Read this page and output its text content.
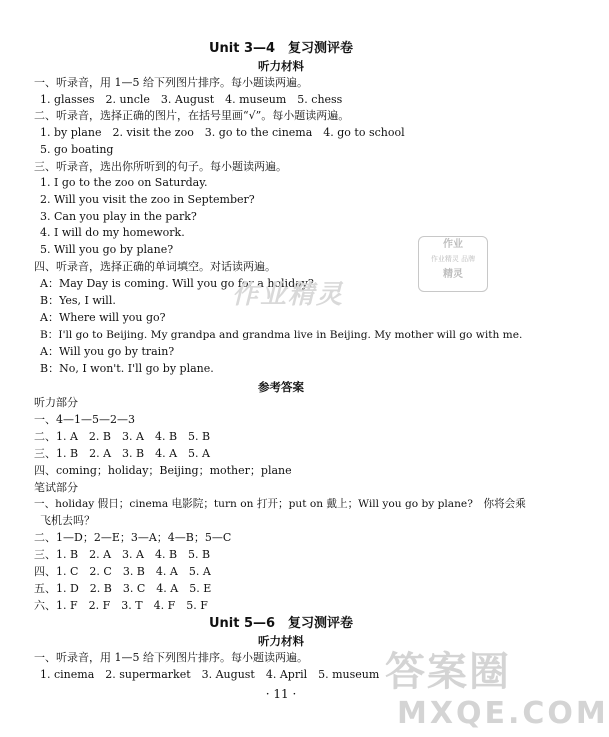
Unit 3—4　复习测评卷
听力材料
一、听录音，用 1—5 给下列图片排序。每小题读两遍。
1. glasses　2. uncle　3. August　4. museum　5. chess
二、听录音，选择正确的图片，在括号里画“√”。每小题读两遍。
1. by plane　2. visit the zoo　3. go to the cinema　4. go to school
5. go boating
三、听录音，选出你所听到的句子。每小题读两遍。
1. I go to the zoo on Saturday.
2. Will you visit the zoo in September?
3. Can you play in the park?
4. I will do my homework.
5. Will you go by plane?
四、听录音，选择正确的单词填空。对话读两遍。
A：May Day is coming. Will you go for a holiday?
B：Yes, I will.
A：Where will you go?
B：I'll go to Beijing. My grandpa and grandma live in Beijing. My mother will go with me.
A：Will you go by train?
B：No, I won't. I'll go by plane.
参考答案
听力部分
一、4—1—5—2—3
二、1. A　2. B　3. A　4. B　5. B
三、1. B　2. A　3. B　4. A　5. A
四、coming；holiday；Beijing；mother；plane
笔试部分
一、holiday 假日；cinema 电影院；turn on 打开；put on 戴上；Will you go by plane?　你将会乘
飞机去吗？
二、1—D；2—E；3—A；4—B；5—C
三、1. B　2. A　3. A　4. B　5. B
四、1. C　2. C　3. B　4. A　5. A
五、1. D　2. B　3. C　4. A　5. E
六、1. F　2. F　3. T　4. F　5. F
Unit 5—6　复习测评卷
听力材料
一、听录音，用 1—5 给下列图片排序。每小题读两遍。
1. cinema　2. supermarket　3. August　4. April　5. museum
· 11 ·
作业精灵
作业
作业精灵 品牌
精灵
答案圈
MXQE.COM
